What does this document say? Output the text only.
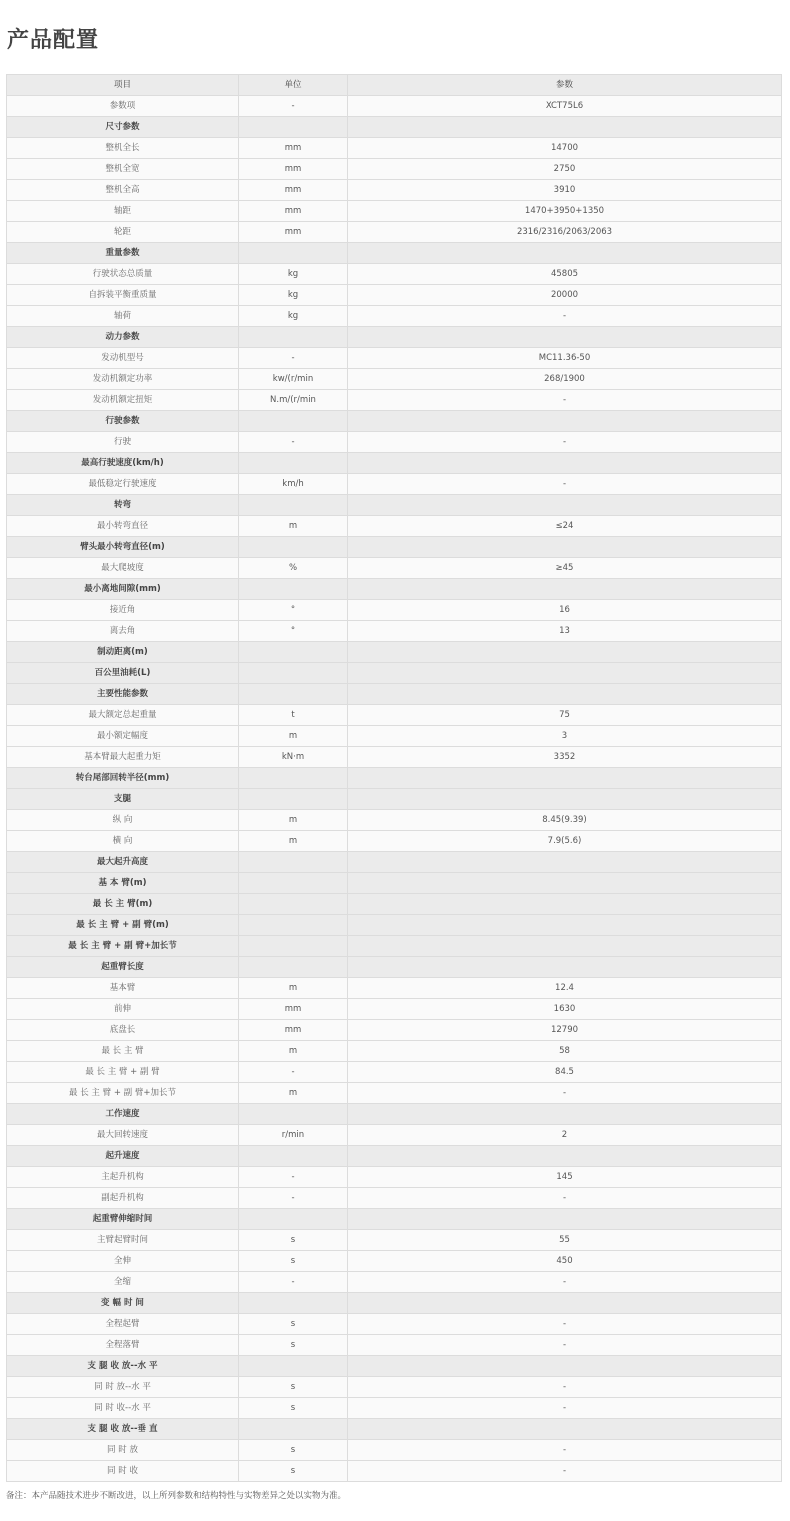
产品配置
项目	单位	参数
参数项	-	XCT75L6
尺寸参数		
整机全长	mm	14700
整机全宽	mm	2750
整机全高	mm	3910
轴距	mm	1470+3950+1350
轮距	mm	2316/2316/2063/2063
重量参数		
行驶状态总质量	kg	45805
自拆装平衡重质量	kg	20000
轴荷	kg	-
动力参数		
发动机型号	-	MC11.36-50
发动机额定功率	kw/(r/min	268/1900
发动机额定扭矩	N.m/(r/min	-
行驶参数		
行驶	-	-
最高行驶速度(km/h)		
最低稳定行驶速度	km/h	-
转弯		
最小转弯直径	m	≤24
臂头最小转弯直径(m)		
最大爬坡度	%	≥45
最小离地间隙(mm)		
接近角	°	16
离去角	°	13
制动距离(m)		
百公里油耗(L)		
主要性能参数		
最大额定总起重量	t	75
最小额定幅度	m	3
基本臂最大起重力矩	kN·m	3352
转台尾部回转半径(mm)		
支腿		
纵 向	m	8.45(9.39)
横 向	m	7.9(5.6)
最大起升高度		
基 本 臂(m)		
最 长 主 臂(m)		
最 长 主 臂 + 副 臂(m)		
最 长 主 臂 + 副 臂+加长节		
起重臂长度		
基本臂	m	12.4
前伸	mm	1630
底盘长	mm	12790
最 长 主 臂	m	58
最 长 主 臂 + 副 臂	-	84.5
最 长 主 臂 + 副 臂+加长节	m	-
工作速度		
最大回转速度	r/min	2
起升速度		
主起升机构	-	145
副起升机构	-	-
起重臂伸缩时间		
主臂起臂时间	s	55
全伸	s	450
全缩	-	-
变 幅 时 间		
全程起臂	s	-
全程落臂	s	-
支 腿 收 放--水 平		
同 时 放--水 平	s	-
同 时 收--水 平	s	-
支 腿 收 放--垂 直		
同 时 放	s	-
同 时 收	s	-

备注：本产品随技术进步不断改进，以上所列参数和结构特性与实物差异之处以实物为准。
